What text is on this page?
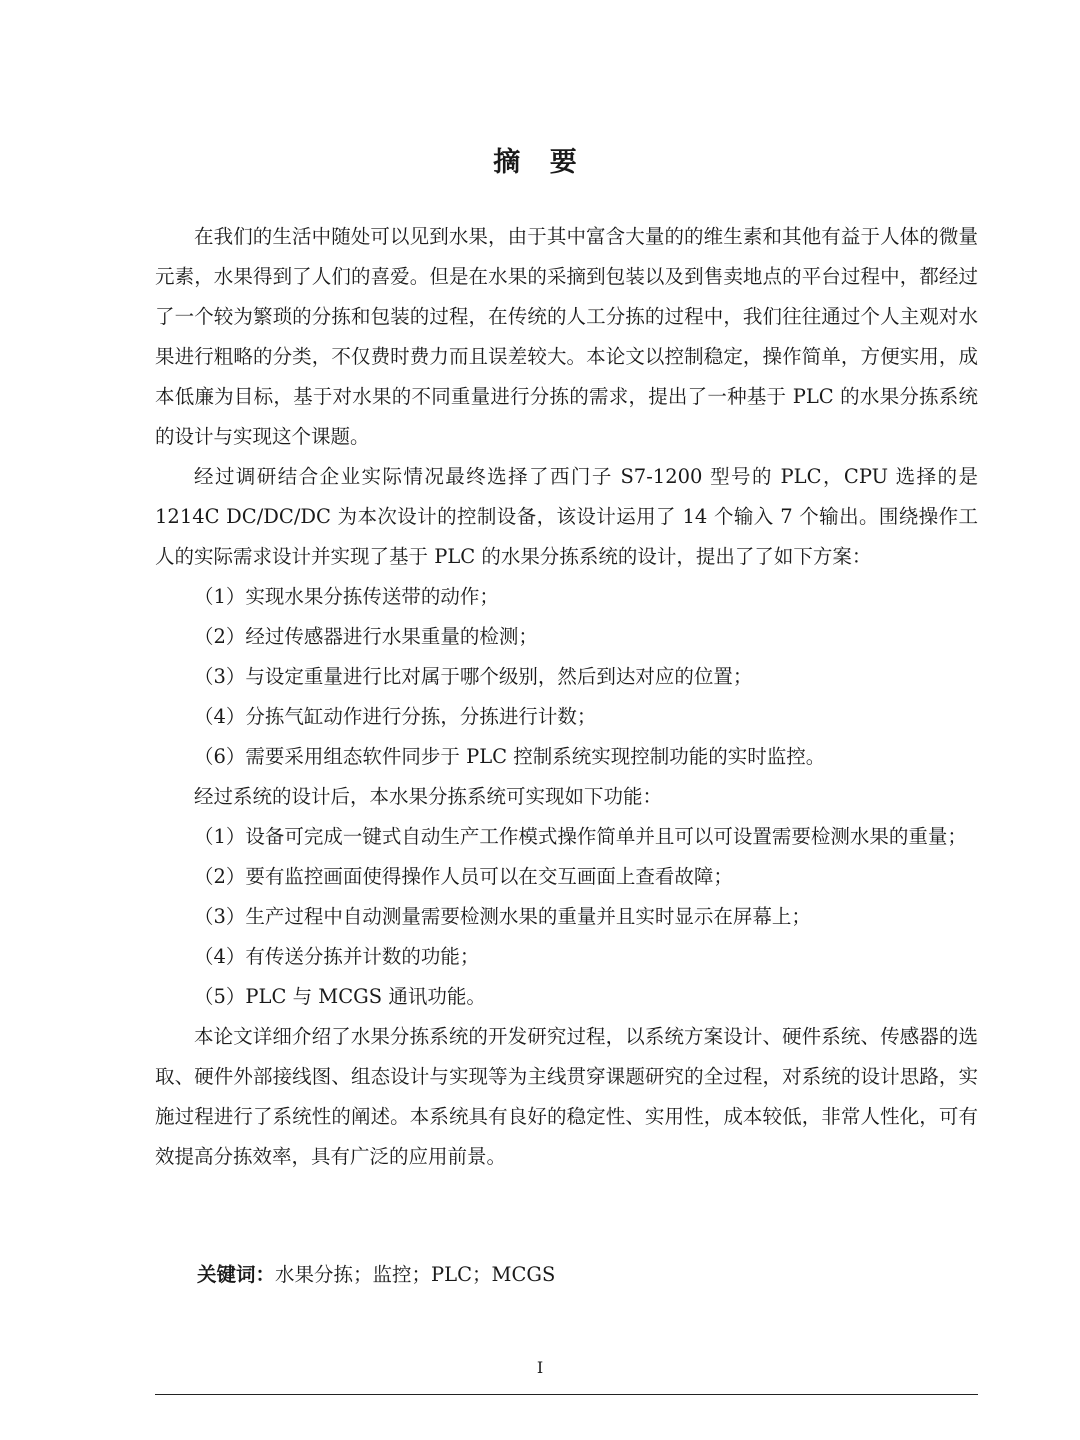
摘 要

在我们的生活中随处可以见到水果，由于其中富含大量的的维生素和其他有益于人体的微量元素，水果得到了人们的喜爱。但是在水果的采摘到包装以及到售卖地点的平台过程中，都经过了一个较为繁琐的分拣和包装的过程，在传统的人工分拣的过程中，我们往往通过个人主观对水果进行粗略的分类，不仅费时费力而且误差较大。本论文以控制稳定，操作简单，方便实用，成本低廉为目标，基于对水果的不同重量进行分拣的需求，提出了一种基于 PLC 的水果分拣系统的设计与实现这个课题。

经过调研结合企业实际情况最终选择了西门子 S7-1200 型号的 PLC，CPU 选择的是 1214C DC/DC/DC 为本次设计的控制设备，该设计运用了 14 个输入 7 个输出。围绕操作工人的实际需求设计并实现了基于 PLC 的水果分拣系统的设计，提出了了如下方案：

（1）实现水果分拣传送带的动作；

（2）经过传感器进行水果重量的检测；

（3）与设定重量进行比对属于哪个级别，然后到达对应的位置；

（4）分拣气缸动作进行分拣，分拣进行计数；

（6）需要采用组态软件同步于 PLC 控制系统实现控制功能的实时监控。

经过系统的设计后，本水果分拣系统可实现如下功能：

（1）设备可完成一键式自动生产工作模式操作简单并且可以可设置需要检测水果的重量；

（2）要有监控画面使得操作人员可以在交互画面上查看故障；

（3）生产过程中自动测量需要检测水果的重量并且实时显示在屏幕上；

（4）有传送分拣并计数的功能；

（5）PLC 与 MCGS 通讯功能。

本论文详细介绍了水果分拣系统的开发研究过程，以系统方案设计、硬件系统、传感器的选取、硬件外部接线图、组态设计与实现等为主线贯穿课题研究的全过程，对系统的设计思路，实施过程进行了系统性的阐述。本系统具有良好的稳定性、实用性，成本较低，非常人性化，可有效提高分拣效率，具有广泛的应用前景。

关键词：水果分拣；监控；PLC；MCGS
I
